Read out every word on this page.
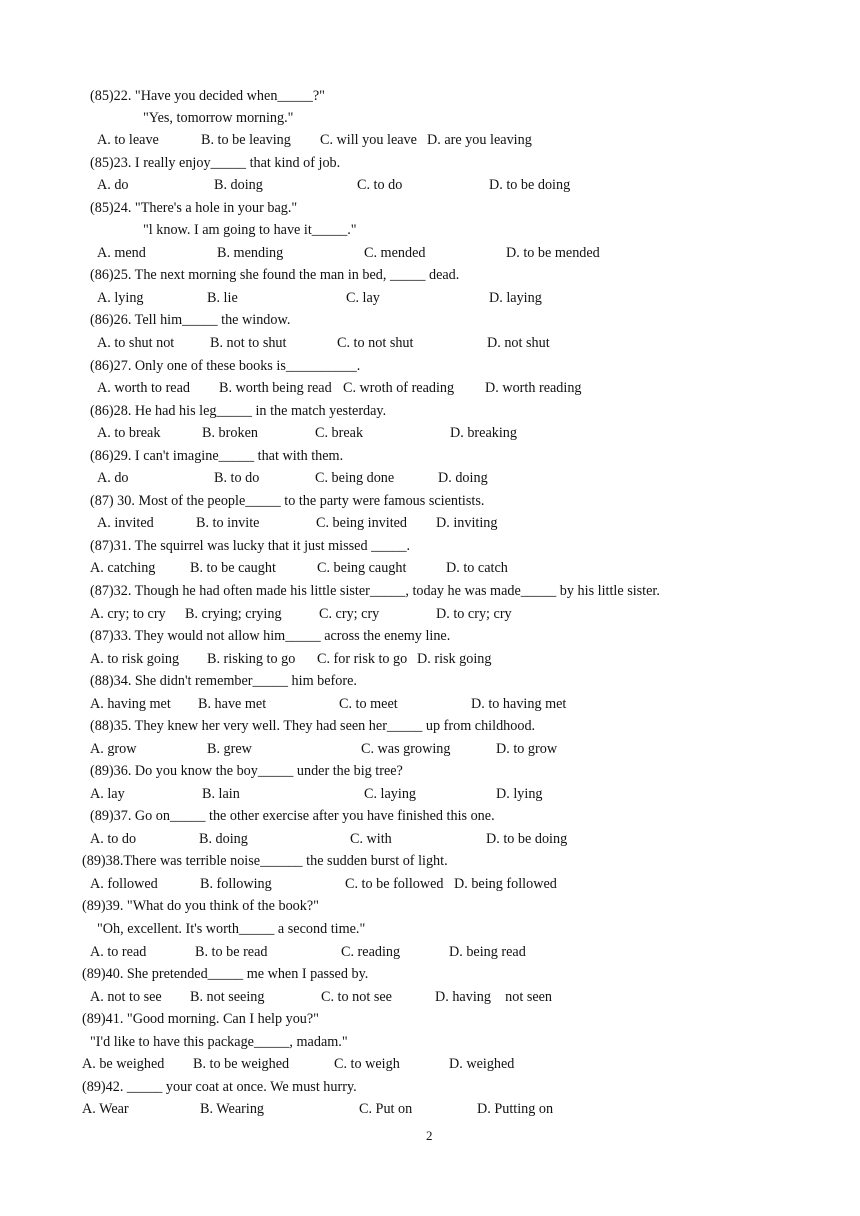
(85)22. "Have you decided when_____?"
"Yes, tomorrow morning."
A. to leave	B. to be leaving C. will you leave D. are you leaving
(85)23. I really enjoy_____ that kind of job.
A. do	B. doing	C. to do	D. to be doing
(85)24. "There's a hole in your bag."
"l know. I am going to have it_____."
A. mend	B. mending	C. mended	D. to be mended
(86)25. The next morning she found the man in bed, _____ dead.
A. lying	B. lie	C. lay	D. laying
(86)26. Tell him_____ the window.
A. to shut not	B. not to shut	C. to not shut	D. not shut
(86)27. Only one of these books is__________.
A. worth to read B. worth being read C. wroth of reading D. worth reading
(86)28. He had his leg_____ in the match yesterday.
A. to break	B. broken	C. break	D. breaking
(86)29. I can't imagine_____ that with them.
A. do	B. to do	C. being done	D. doing
(87) 30. Most of the people_____ to the party were famous scientists.
A. invited	B. to invite	C. being invited D. inviting
(87)31. The squirrel was lucky that it just missed _____.
A. catching B. to be caught	C. being caught	D. to catch
(87)32. Though he had often made his little sister_____, today he was made_____ by his little sister.
A. cry; to cry B. crying; crying	C. cry; cry	D. to cry; cry
(87)33. They would not allow him_____ across the enemy line.
A. to risk going B. risking to go C. for risk to go D. risk going
(88)34. She didn't remember_____ him before.
A. having met B. have met	C. to meet	D. to having met
(88)35. They knew her very well. They had seen her_____ up from childhood.
A. grow	B. grew	C. was growing	D. to grow
(89)36. Do you know the boy_____ under the big tree?
A. lay	B. lain	C. laying	D. lying
(89)37. Go on_____ the other exercise after you have finished this one.
A. to do	B. doing	C. with	D. to be doing
(89)38.There was terrible noise______ the sudden burst of light.
A. followed	B. following	C. to be followed D. being followed
(89)39. "What do you think of the book?"
"Oh, excellent. It's worth_____ a second time."
A. to read	B. to be read	C. reading	D. being read
(89)40. She pretended_____ me when I passed by.
A. not to see B. not seeing	C. to not see	D. having    not seen
(89)41. "Good morning. Can I help you?"
"I'd like to have this package_____, madam."
A. be weighed B. to be weighed	C. to weigh	D. weighed
(89)42. _____ your coat at once. We must hurry.
A. Wear	B. Wearing	C. Put on	D. Putting on
2
